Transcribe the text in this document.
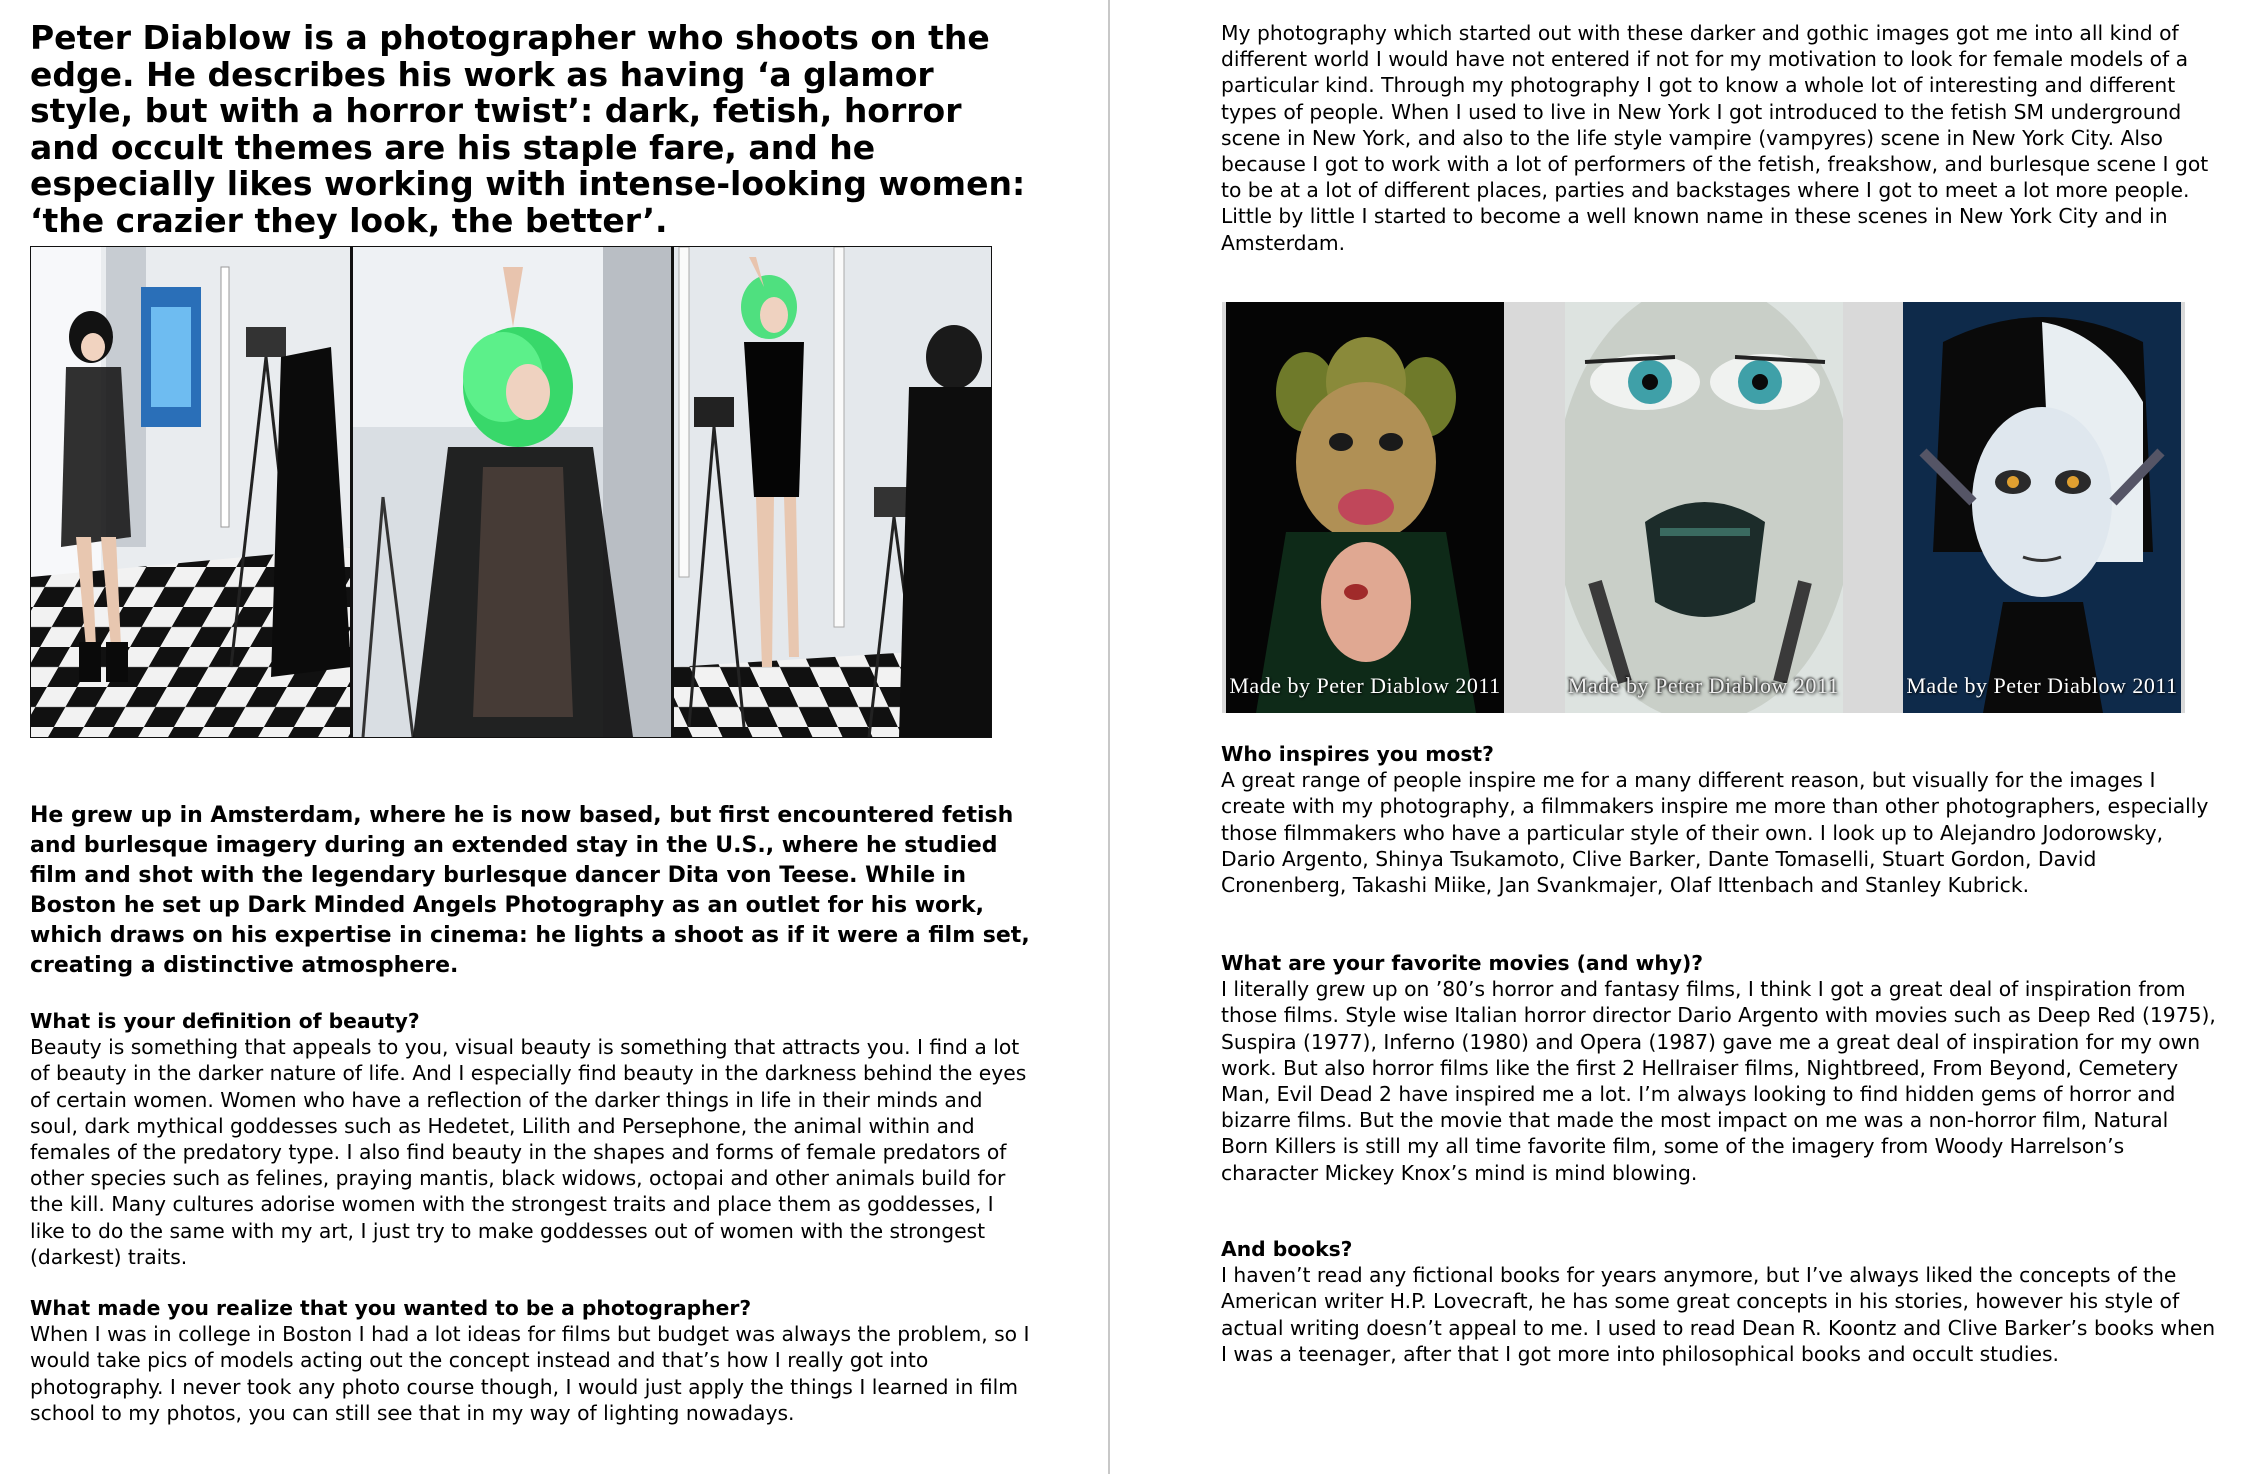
Peter Diablow is a photographer who shoots on the edge. He describes his work as having ‘a glamor style, but with a horror twist’: dark, fetish, horror and occult themes are his staple fare, and he especially likes working with intense-looking women: ‘the crazier they look, the better’.

He grew up in Amsterdam, where he is now based, but first encountered fetish and burlesque imagery during an extended stay in the U.S., where he studied film and shot with the legendary burlesque dancer Dita von Teese. While in Boston he set up Dark Minded Angels Photography as an outlet for his work, which draws on his expertise in cinema: he lights a shoot as if it were a film set, creating a distinctive atmosphere.

What is your definition of beauty?
Beauty is something that appeals to you, visual beauty is something that attracts you. I find a lot of beauty in the darker nature of life. And I especially find beauty in the darkness behind the eyes of certain women. Women who have a reflection of the darker things in life in their minds and soul, dark mythical goddesses such as Hedetet, Lilith and Persephone, the animal within and females of the predatory type. I also find beauty in the shapes and forms of female predators of other species such as felines, praying mantis, black widows, octopai and other animals build for the kill. Many cultures adorise women with the strongest traits and place them as goddesses, I like to do the same with my art, I just try to make goddesses out of women with the strongest (darkest) traits.
What made you realize that you wanted to be a photographer?
When I was in college in Boston I had a lot ideas for films but budget was always the problem, so I would take pics of models acting out the concept instead and that’s how I really got into photography. I never took any photo course though, I would just apply the things I learned in film school to my photos, you can still see that in my way of lighting nowadays.
My photography which started out with these darker and gothic images got me into all kind of different world I would have not entered if not for my motivation to look for female models of a particular kind. Through my photography I got to know a whole lot of interesting and different types of people. When I used to live in New York I got introduced to the fetish SM underground scene in New York, and also to the life style vampire (vampyres) scene in New York City. Also because I got to work with a lot of performers of the fetish, freakshow, and burlesque scene I got to be at a lot of different places, parties and backstages where I got to meet a lot more people. Little by little I started to become a well known name in these scenes in New York City and in Amsterdam.
Made by Peter Diablow 2011	Made by Peter Diablow 2011	Made by Peter Diablow 2011
Who inspires you most?
A great range of people inspire me for a many different reason, but visually for the images I create with my photography, a filmmakers inspire me more than other photographers, especially those filmmakers who have a particular style of their own. I look up to Alejandro Jodorowsky, Dario Argento, Shinya Tsukamoto, Clive Barker, Dante Tomaselli, Stuart Gordon, David Cronenberg, Takashi Miike, Jan Svankmajer, Olaf Ittenbach and Stanley Kubrick.
What are your favorite movies (and why)?
I literally grew up on ’80’s horror and fantasy films, I think I got a great deal of inspiration from those films. Style wise Italian horror director Dario Argento with movies such as Deep Red (1975), Suspira (1977), Inferno (1980) and Opera (1987) gave me a great deal of inspiration for my own work. But also horror films like the first 2 Hellraiser films, Nightbreed, From Beyond, Cemetery Man, Evil Dead 2 have inspired me a lot. I’m always looking to find hidden gems of horror and bizarre films. But the movie that made the most impact on me was a non-horror film, Natural Born Killers is still my all time favorite film, some of the imagery from Woody Harrelson’s character Mickey Knox’s mind is mind blowing.
And books?
I haven’t read any fictional books for years anymore, but I’ve always liked the concepts of the American writer H.P. Lovecraft, he has some great concepts in his stories, however his style of actual writing doesn’t appeal to me. I used to read Dean R. Koontz and Clive Barker’s books when I was a teenager, after that I got more into philosophical books and occult studies.
